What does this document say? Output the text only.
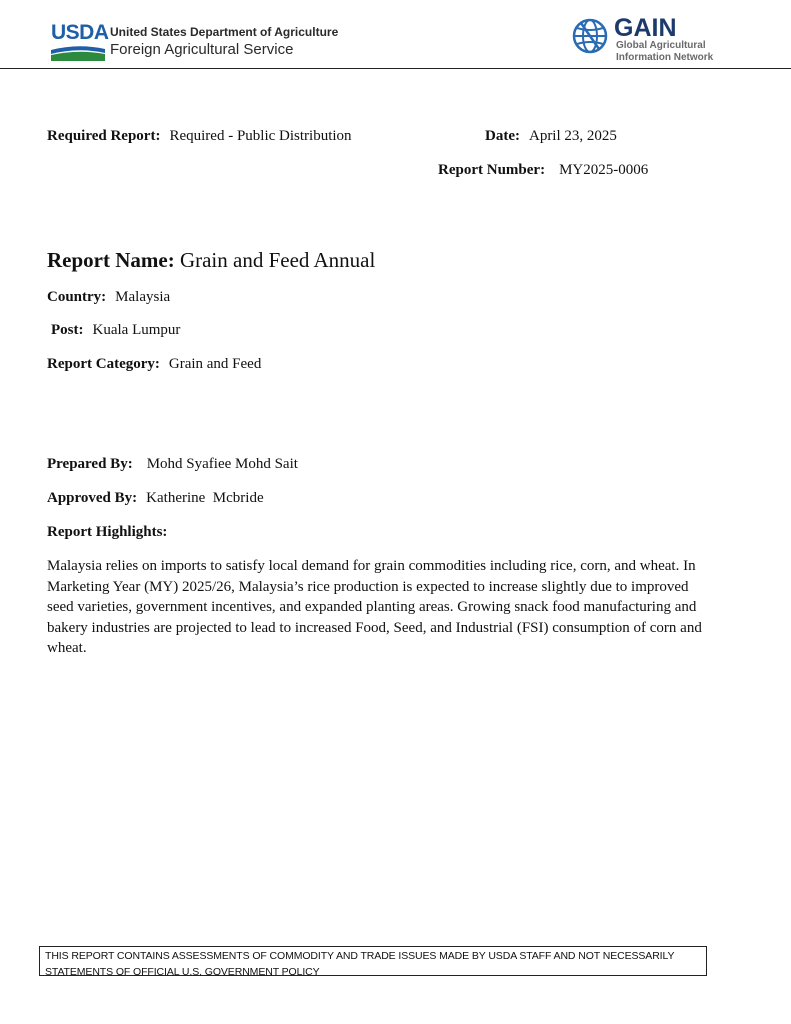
USDA United States Department of Agriculture
Foreign Agricultural Service
GAIN
Global Agricultural
Information Network
Required Report: Required - Public Distribution	Date: April 23, 2025
Report Number: MY2025-0006
Report Name: Grain and Feed Annual
Country: Malaysia
Post: Kuala Lumpur
Report Category: Grain and Feed
Prepared By: Mohd Syafiee Mohd Sait
Approved By: Katherine  Mcbride
Report Highlights:
Malaysia relies on imports to satisfy local demand for grain commodities including rice, corn, and wheat. In Marketing Year (MY) 2025/26, Malaysia’s rice production is expected to increase slightly due to improved seed varieties, government incentives, and expanded planting areas. Growing snack food manufacturing and bakery industries are projected to lead to increased Food, Seed, and Industrial (FSI) consumption of corn and wheat.
THIS REPORT CONTAINS ASSESSMENTS OF COMMODITY AND TRADE ISSUES MADE BY USDA STAFF AND NOT NECESSARILY STATEMENTS OF OFFICIAL U.S. GOVERNMENT POLICY
